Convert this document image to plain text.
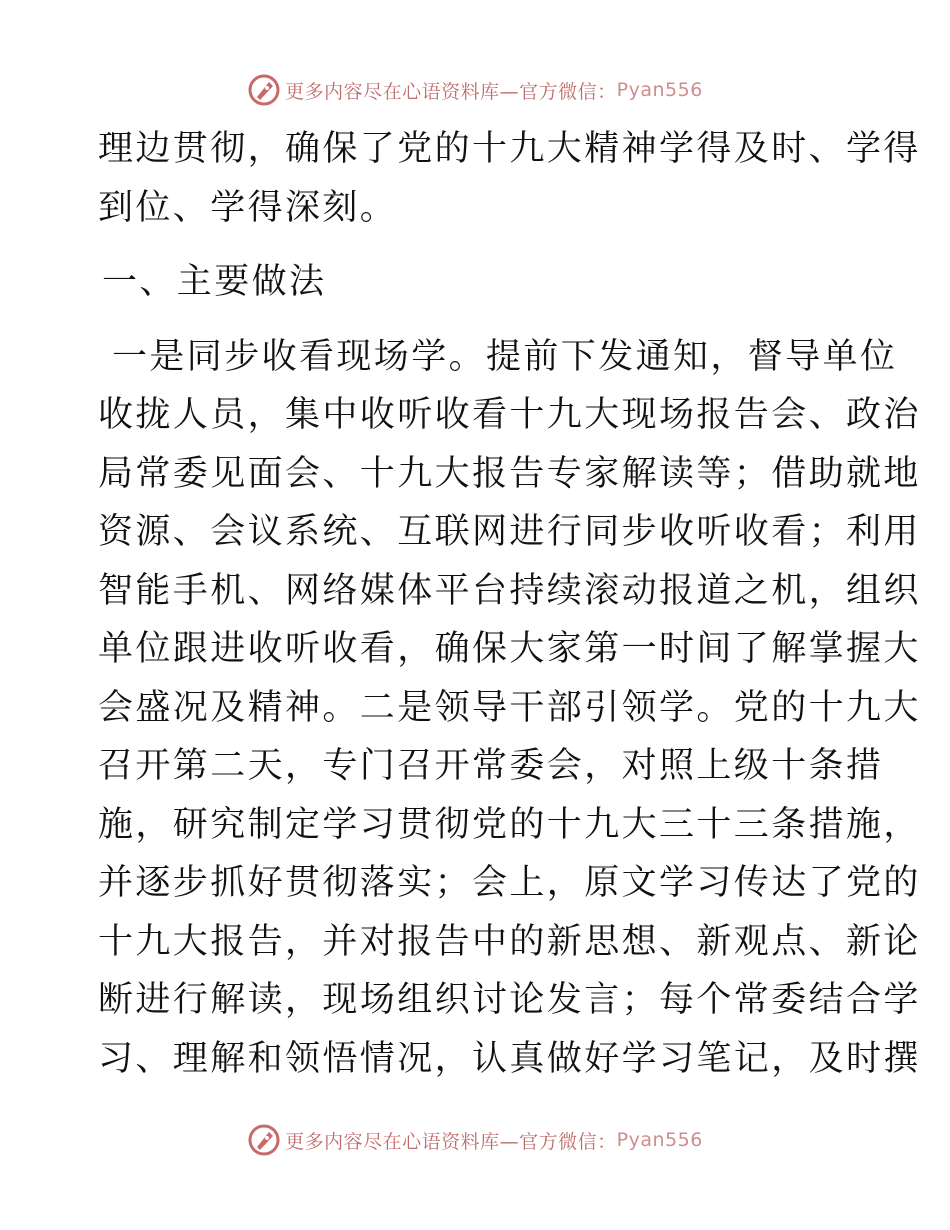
更多内容尽在心语资料库—官方微信： Pyan556
理边贯彻，确保了党的十九大精神学得及时、学得
到位、学得深刻。
一、主要做法
一是同步收看现场学。提前下发通知，督导单位
收拢人员，集中收听收看十九大现场报告会、政治
局常委见面会、十九大报告专家解读等；借助就地
资源、会议系统、互联网进行同步收听收看；利用
智能手机、网络媒体平台持续滚动报道之机，组织
单位跟进收听收看，确保大家第一时间了解掌握大
会盛况及精神。二是领导干部引领学。党的十九大
召开第二天，专门召开常委会，对照上级十条措
施，研究制定学习贯彻党的十九大三十三条措施，
并逐步抓好贯彻落实；会上，原文学习传达了党的
十九大报告，并对报告中的新思想、新观点、新论
断进行解读，现场组织讨论发言；每个常委结合学
习、理解和领悟情况，认真做好学习笔记，及时撰
更多内容尽在心语资料库—官方微信： Pyan556
